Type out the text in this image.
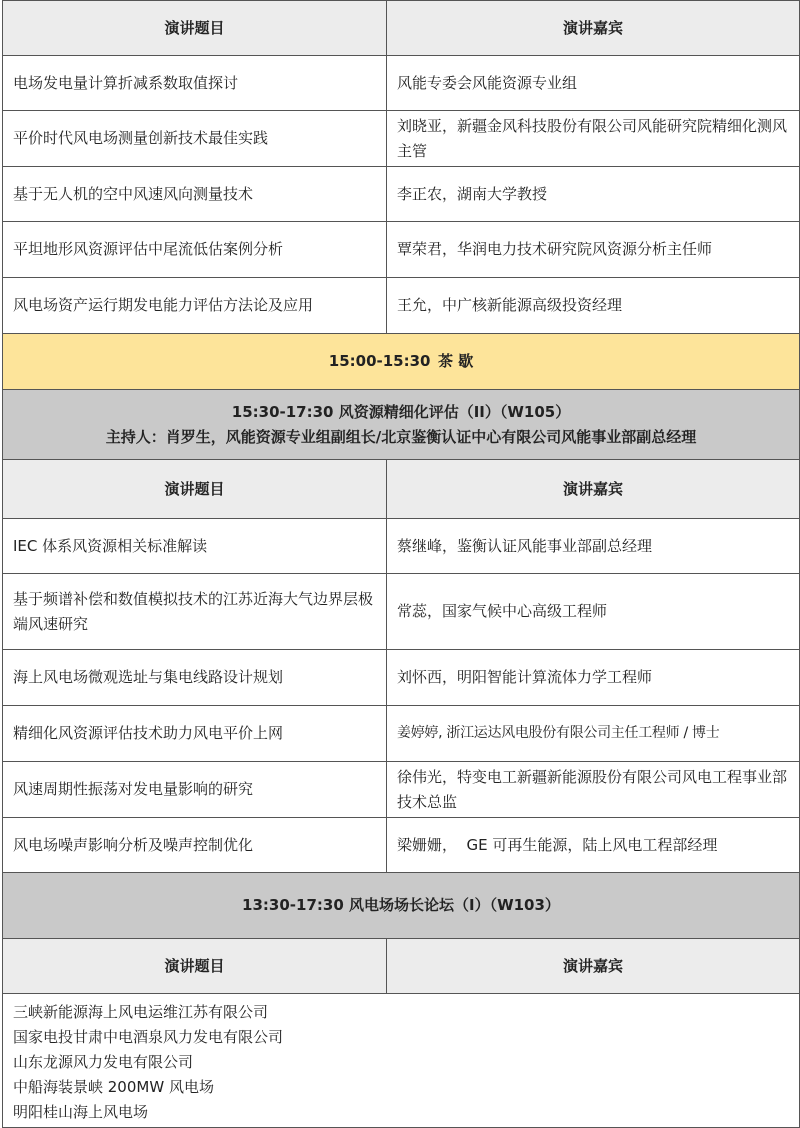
演讲题目	演讲嘉宾
电场发电量计算折减系数取值探讨	风能专委会风能资源专业组
平价时代风电场测量创新技术最佳实践	刘晓亚，新疆金风科技股份有限公司风能研究院精细化测风主管
基于无人机的空中风速风向测量技术	李正农，湖南大学教授
平坦地形风资源评估中尾流低估案例分析	覃荣君，华润电力技术研究院风资源分析主任师
风电场资产运行期发电能力评估方法论及应用	王允，中广核新能源高级投资经理
15:00-15:30 茶 歇	

15:30-17:30 风资源精细化评估（II）（W105）
主持人：肖罗生，风能资源专业组副组长/北京鉴衡认证中心有限公司风能事业部副总经理	

演讲题目	演讲嘉宾
IEC 体系风资源相关标准解读	蔡继峰，鉴衡认证风能事业部副总经理
基于频谱补偿和数值模拟技术的江苏近海大气边界层极端风速研究	常蕊，国家气候中心高级工程师
海上风电场微观选址与集电线路设计规划	刘怀西，明阳智能计算流体力学工程师
精细化风资源评估技术助力风电平价上网	姜婷婷, 浙江运达风电股份有限公司主任工程师 / 博士
风速周期性振荡对发电量影响的研究	徐伟光，特变电工新疆新能源股份有限公司风电工程事业部技术总监
风电场噪声影响分析及噪声控制优化	梁姗姗，  GE 可再生能源，陆上风电工程部经理
13:30-17:30 风电场场长论坛（I）（W103）	
演讲题目	演讲嘉宾

三峡新能源海上风电运维江苏有限公司
国家电投甘肃中电酒泉风力发电有限公司
山东龙源风力发电有限公司
中船海装景峡 200MW 风电场
明阳桂山海上风电场	
